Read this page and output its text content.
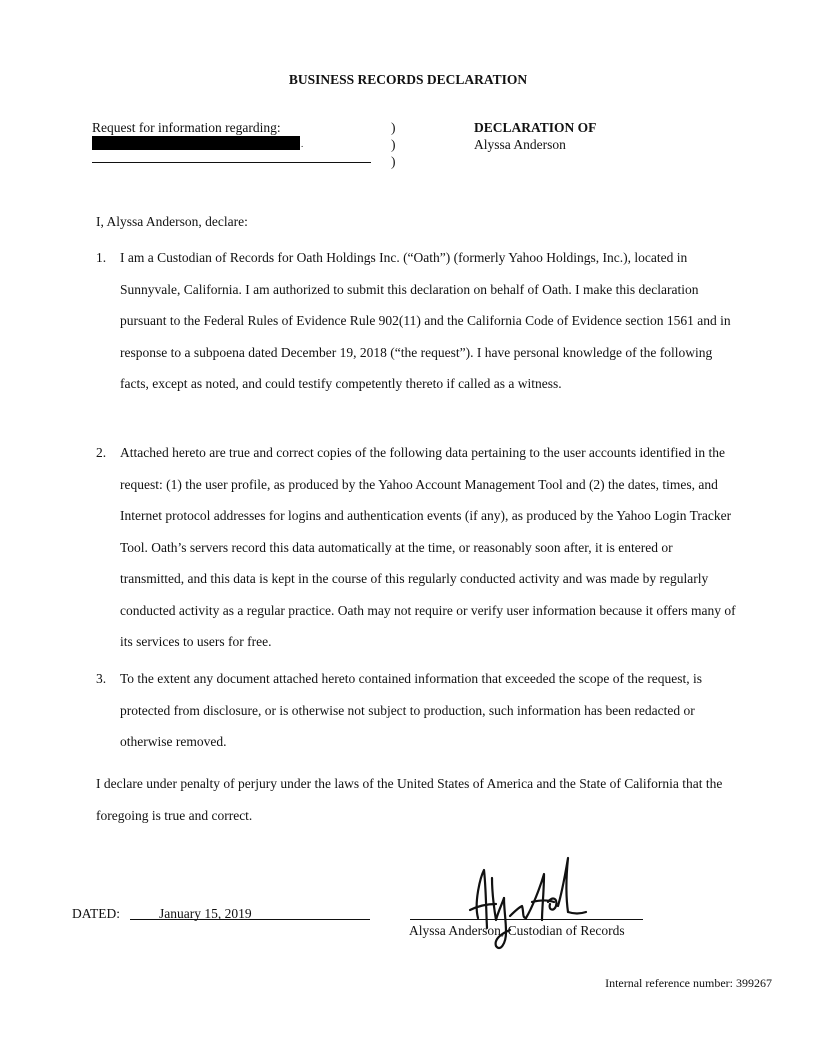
BUSINESS RECORDS DECLARATION
Request for information regarding:
.
)
)
)
DECLARATION OF
Alyssa Anderson
I, Alyssa Anderson, declare:
1. I am a Custodian of Records for Oath Holdings Inc. (“Oath”) (formerly Yahoo Holdings, Inc.), located in Sunnyvale, California. I am authorized to submit this declaration on behalf of Oath. I make this declaration pursuant to the Federal Rules of Evidence Rule 902(11) and the California Code of Evidence section 1561 and in response to a subpoena dated December 19, 2018 (“the request”). I have personal knowledge of the following facts, except as noted, and could testify competently thereto if called as a witness.
2. Attached hereto are true and correct copies of the following data pertaining to the user accounts identified in the request: (1) the user profile, as produced by the Yahoo Account Management Tool and (2) the dates, times, and Internet protocol addresses for logins and authentication events (if any), as produced by the Yahoo Login Tracker Tool. Oath’s servers record this data automatically at the time, or reasonably soon after, it is entered or transmitted, and this data is kept in the course of this regularly conducted activity and was made by regularly conducted activity as a regular practice. Oath may not require or verify user information because it offers many of its services to users for free.
3. To the extent any document attached hereto contained information that exceeded the scope of the request, is protected from disclosure, or is otherwise not subject to production, such information has been redacted or otherwise removed.
I declare under penalty of perjury under the laws of the United States of America and the State of California that the foregoing is true and correct.
DATED:	January 15, 2019
Alyssa Anderson, Custodian of Records
Internal reference number: 399267
